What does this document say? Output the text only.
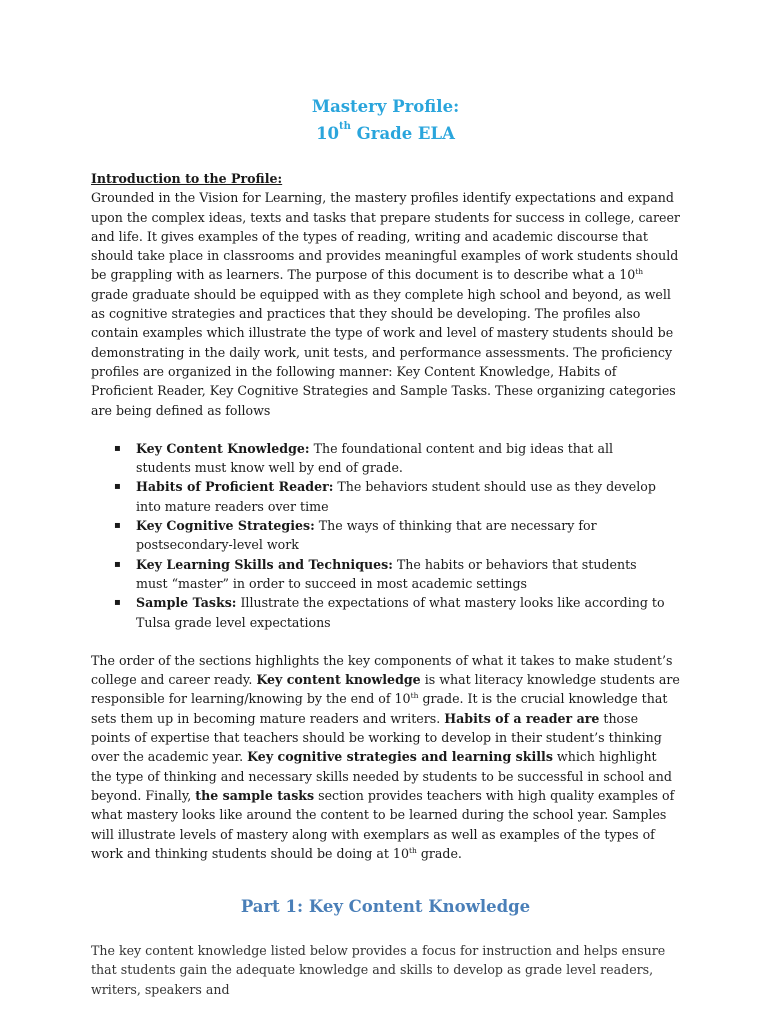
Mastery Profile:
10th Grade ELA
Introduction to the Profile:

Grounded in the Vision for Learning, the mastery profiles identify expectations and expand upon the complex ideas, texts and tasks that prepare students for success in college, career and life. It gives examples of the types of reading, writing and academic discourse that should take place in classrooms and provides meaningful examples of work students should be grappling with as learners. The purpose of this document is to describe what a 10th grade graduate should be equipped with as they complete high school and beyond, as well as cognitive strategies and practices that they should be developing. The profiles also contain examples which illustrate the type of work and level of mastery students should be demonstrating in the daily work, unit tests, and performance assessments. The proficiency profiles are organized in the following manner: Key Content Knowledge, Habits of Proficient Reader, Key Cognitive Strategies and Sample Tasks. These organizing categories are being defined as follows

▪ Key Content Knowledge: The foundational content and big ideas that all students must know well by end of grade.
▪ Habits of Proficient Reader: The behaviors student should use as they develop into mature readers over time
▪ Key Cognitive Strategies: The ways of thinking that are necessary for postsecondary-level work
▪ Key Learning Skills and Techniques: The habits or behaviors that students must “master” in order to succeed in most academic settings
▪ Sample Tasks: Illustrate the expectations of what mastery looks like according to Tulsa grade level expectations

The order of the sections highlights the key components of what it takes to make student’s college and career ready. Key content knowledge is what literacy knowledge students are responsible for learning/knowing by the end of 10th grade. It is the crucial knowledge that sets them up in becoming mature readers and writers. Habits of a reader are those points of expertise that teachers should be working to develop in their student’s thinking over the academic year. Key cognitive strategies and learning skills which highlight the type of thinking and necessary skills needed by students to be successful in school and beyond. Finally, the sample tasks section provides teachers with high quality examples of what mastery looks like around the content to be learned during the school year. Samples will illustrate levels of mastery along with exemplars as well as examples of the types of work and thinking students should be doing at 10th grade.

Part 1: Key Content Knowledge

The key content knowledge listed below provides a focus for instruction and helps ensure that students gain the adequate knowledge and skills to develop as grade level readers, writers, speakers and
